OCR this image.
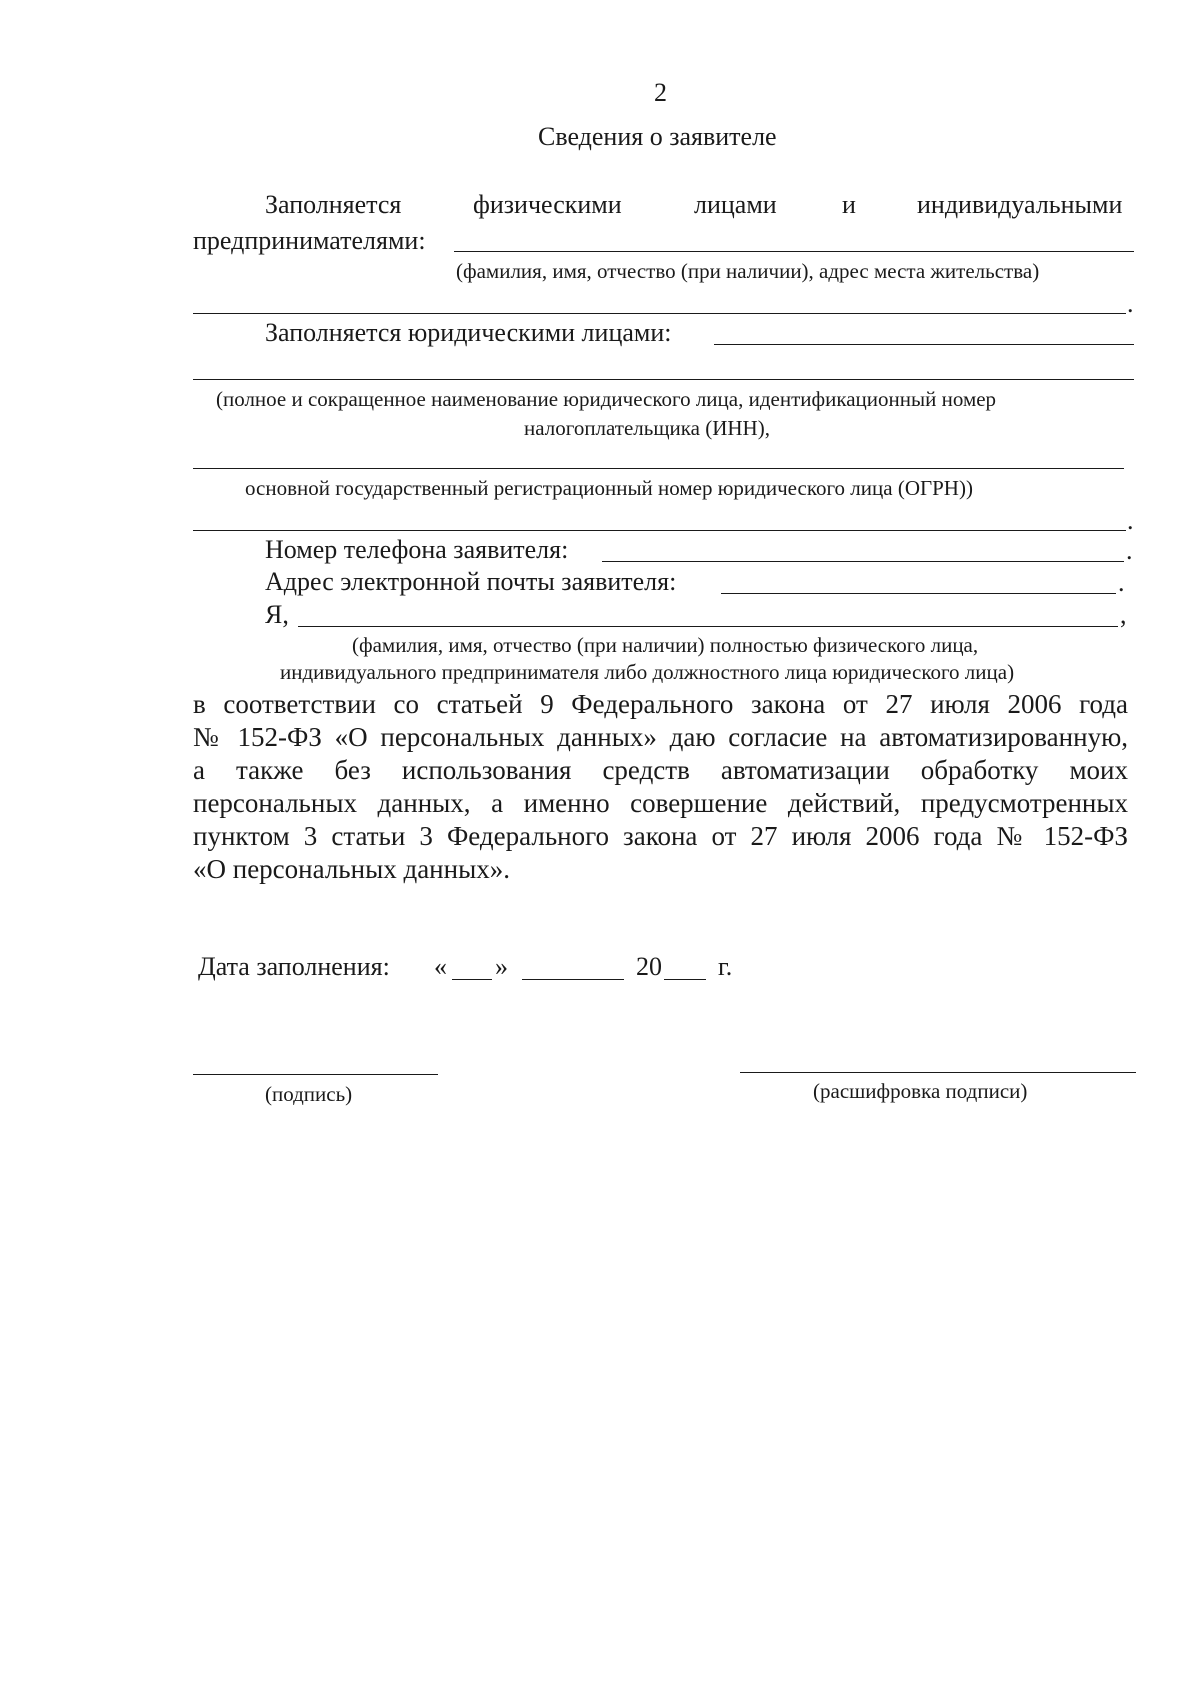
2
Сведения о заявителе
Заполняется	физическими	лицами	и индивидуальными
предпринимателями:
(фамилия, имя, отчество (при наличии), адрес места жительства)
.
Заполняется юридическими лицами:
(полное и сокращенное наименование юридического лица, идентификационный номер
налогоплательщика (ИНН),
основной государственный регистрационный номер юридического лица (ОГРН))
.
Номер телефона заявителя:	.
Адрес электронной почты заявителя:	.
Я,	,
(фамилия, имя, отчество (при наличии) полностью физического лица,
индивидуального предпринимателя либо должностного лица юридического лица)
в соответствии со статьей 9 Федерального закона от 27 июля 2006 года
№ 152-ФЗ «О персональных данных» даю согласие на автоматизированную,
а также без использования средств автоматизации обработку моих
персональных данных, а именно совершение действий, предусмотренных
пунктом 3 статьи 3 Федерального закона от 27 июля 2006 года № 152-ФЗ
«О персональных данных».
Дата заполнения: « »	20 г.
(подпись)	(расшифровка подписи)
